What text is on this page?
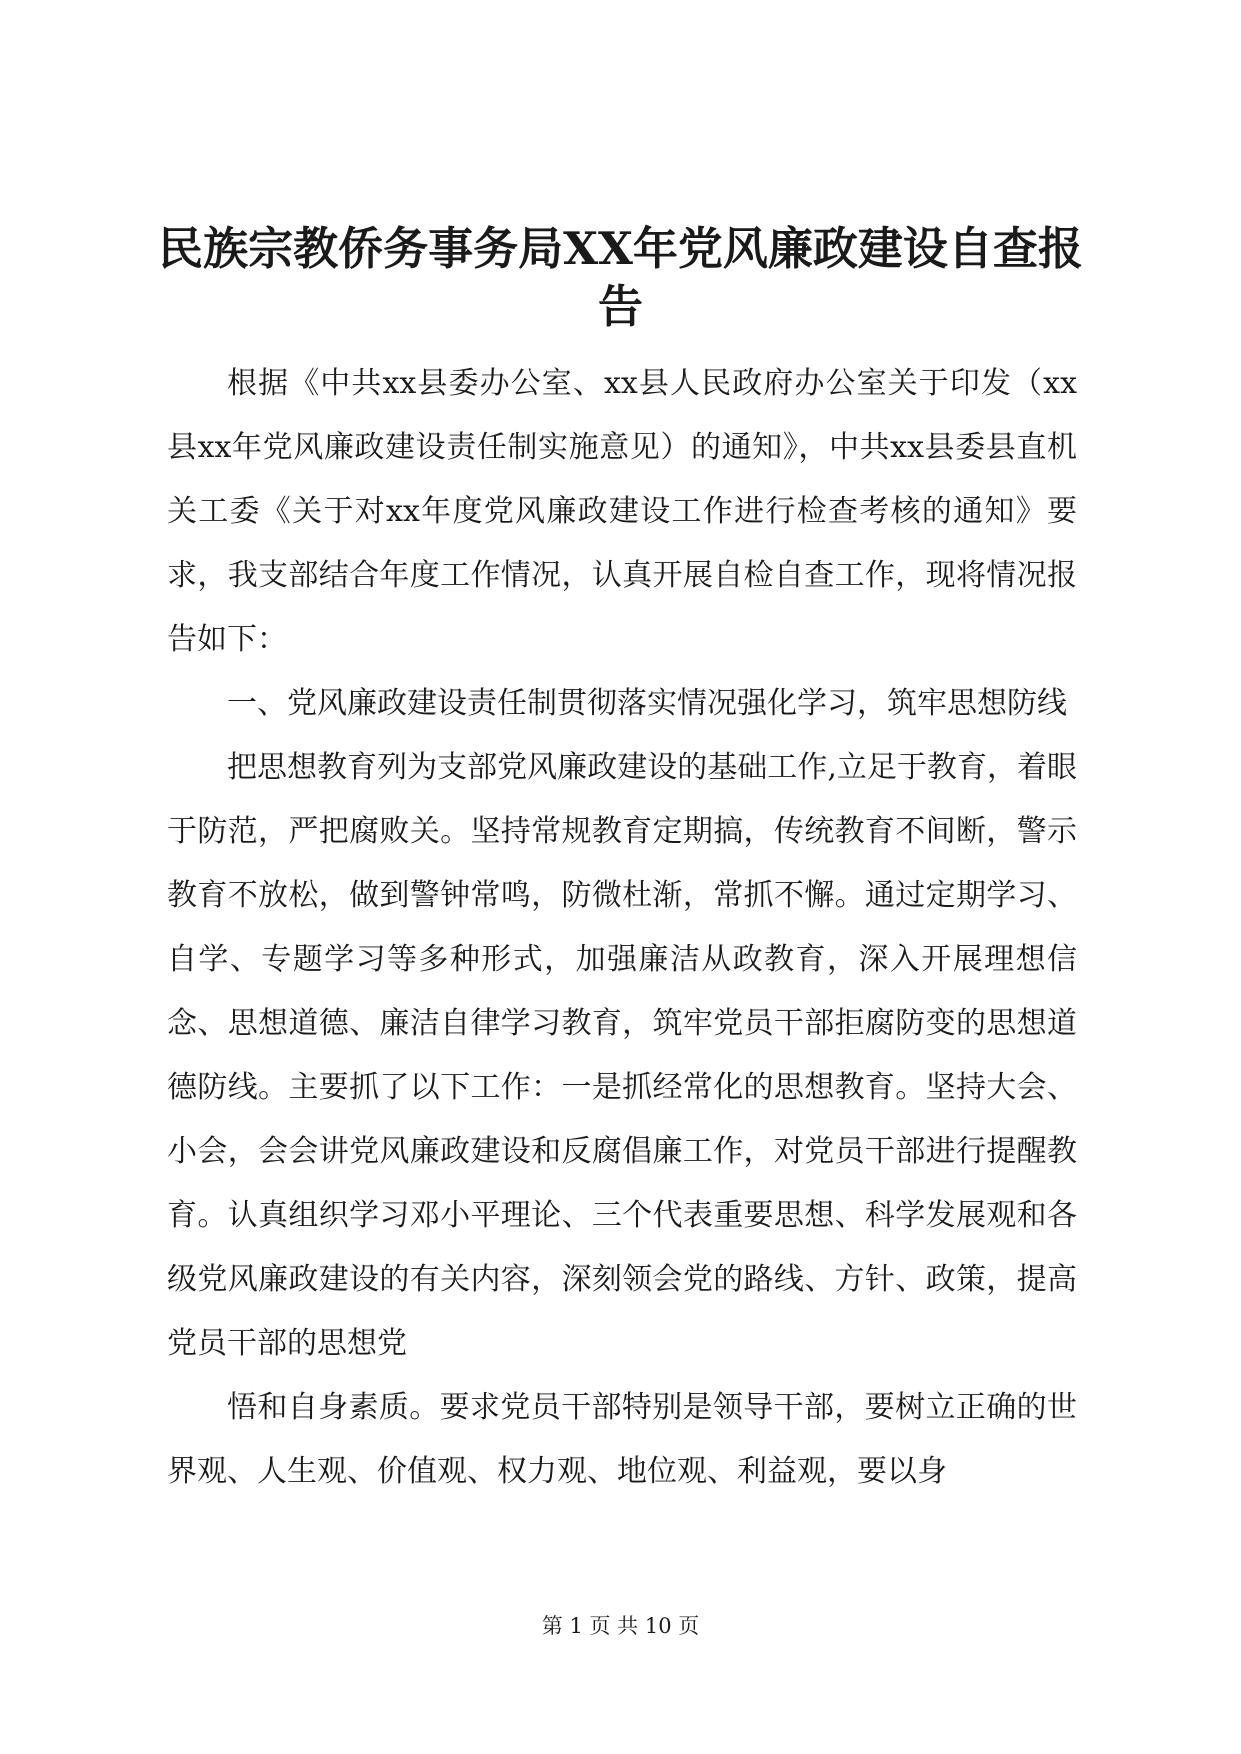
民族宗教侨务事务局XX年党风廉政建设自查报告

根据《中共xx县委办公室、xx县人民政府办公室关于印发（xx县xx年党风廉政建设责任制实施意见）的通知》，中共xx县委县直机关工委《关于对xx年度党风廉政建设工作进行检查考核的通知》要求，我支部结合年度工作情况，认真开展自检自查工作，现将情况报告如下：

一、党风廉政建设责任制贯彻落实情况强化学习，筑牢思想防线

把思想教育列为支部党风廉政建设的基础工作,立足于教育，着眼于防范，严把腐败关。坚持常规教育定期搞，传统教育不间断，警示教育不放松，做到警钟常鸣，防微杜渐，常抓不懈。通过定期学习、自学、专题学习等多种形式，加强廉洁从政教育，深入开展理想信念、思想道德、廉洁自律学习教育，筑牢党员干部拒腐防变的思想道德防线。主要抓了以下工作：一是抓经常化的思想教育。坚持大会、小会，会会讲党风廉政建设和反腐倡廉工作，对党员干部进行提醒教育。认真组织学习邓小平理论、三个代表重要思想、科学发展观和各级党风廉政建设的有关内容，深刻领会党的路线、方针、政策，提高党员干部的思想党

悟和自身素质。要求党员干部特别是领导干部，要树立正确的世界观、人生观、价值观、权力观、地位观、利益观，要以身

第 1 页 共 10 页
